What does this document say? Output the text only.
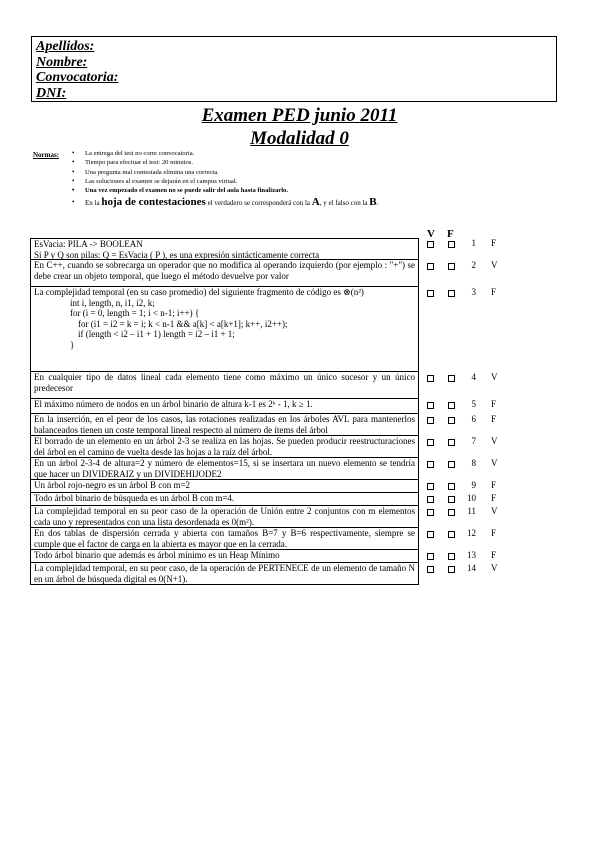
Apellidos:
Nombre:
Convocatoria:
DNI:
Examen PED junio 2011
Modalidad 0
Normas:
•	La entrega del test no corre convocatoria.
• Tiempo para efectuar el test: 20 minutos.
• Una pregunta mal contestada elimina una correcta.
• Las soluciones al examen se dejarán en el campus virtual.
• Una vez empezado el examen no se puede salir del aula hasta finalizarlo.
• En la hoja de contestaciones el verdadero se corresponderá con la A, y el falso con la B.
V F
EsVacia: PILA -> BOOLEAN
Si P y Q son pilas: Q = EsVacia ( P ), es una expresión sintácticamente correcta
En C++, cuando se sobrecarga un operador que no modifica al operando izquierdo (por ejemplo : "+") se debe crear un objeto temporal, que luego el método devuelve por valor
La complejidad temporal (en su caso promedio) del siguiente fragmento de código es ⊗(n²)
int i, length, n, i1, i2, k;
for (i = 0, length = 1; i < n-1; i++) {
for (i1 = i2 = k = i; k < n-1 && a[k] < a[k+1]; k++, i2++);
if (length < i2 – i1 + 1) length = i2 – i1 + 1;
}
En cualquier tipo de datos lineal cada elemento tiene como máximo un único sucesor y un único predecesor
El máximo número de nodos en un árbol binario de altura k-1 es 2ᵏ - 1, k ≥ 1.
En la inserción, en el peor de los casos, las rotaciones realizadas en los árboles AVL para mantenerlos balanceados tienen un coste temporal lineal respecto al número de ítems del árbol
El borrado de un elemento en un árbol 2-3 se realiza en las hojas. Se pueden producir reestructuraciones del árbol en el camino de vuelta desde las hojas a la raíz del árbol.
En un árbol 2-3-4 de altura=2 y número de elementos=15, si se insertara un nuevo elemento se tendría que hacer un DIVIDERAIZ y un DIVIDEHIJODE2
Un árbol rojo-negro es un árbol B con m=2
Todo árbol binario de búsqueda es un árbol B con m=4.
La complejidad temporal en su peor caso de la operación de Unión entre 2 conjuntos con m elementos cada uno y representados con una lista desordenada es 0(m²).
En dos tablas de dispersión cerrada y abierta con tamaños B=7 y B=6 respectivamente, siempre se cumple que el factor de carga en la abierta es mayor que en la cerrada.
Todo árbol binario que además es árbol mínimo es un Heap Mínimo
La complejidad temporal, en su peor caso, de la operación de PERTENECE de un elemento de tamaño N en un árbol de búsqueda digital es 0(N+1).
1 F
2 V
3 F
4 V
5 F
6 F
7 V
8 V
9 F
10 F
11 V
12 F
13 F
14 V
